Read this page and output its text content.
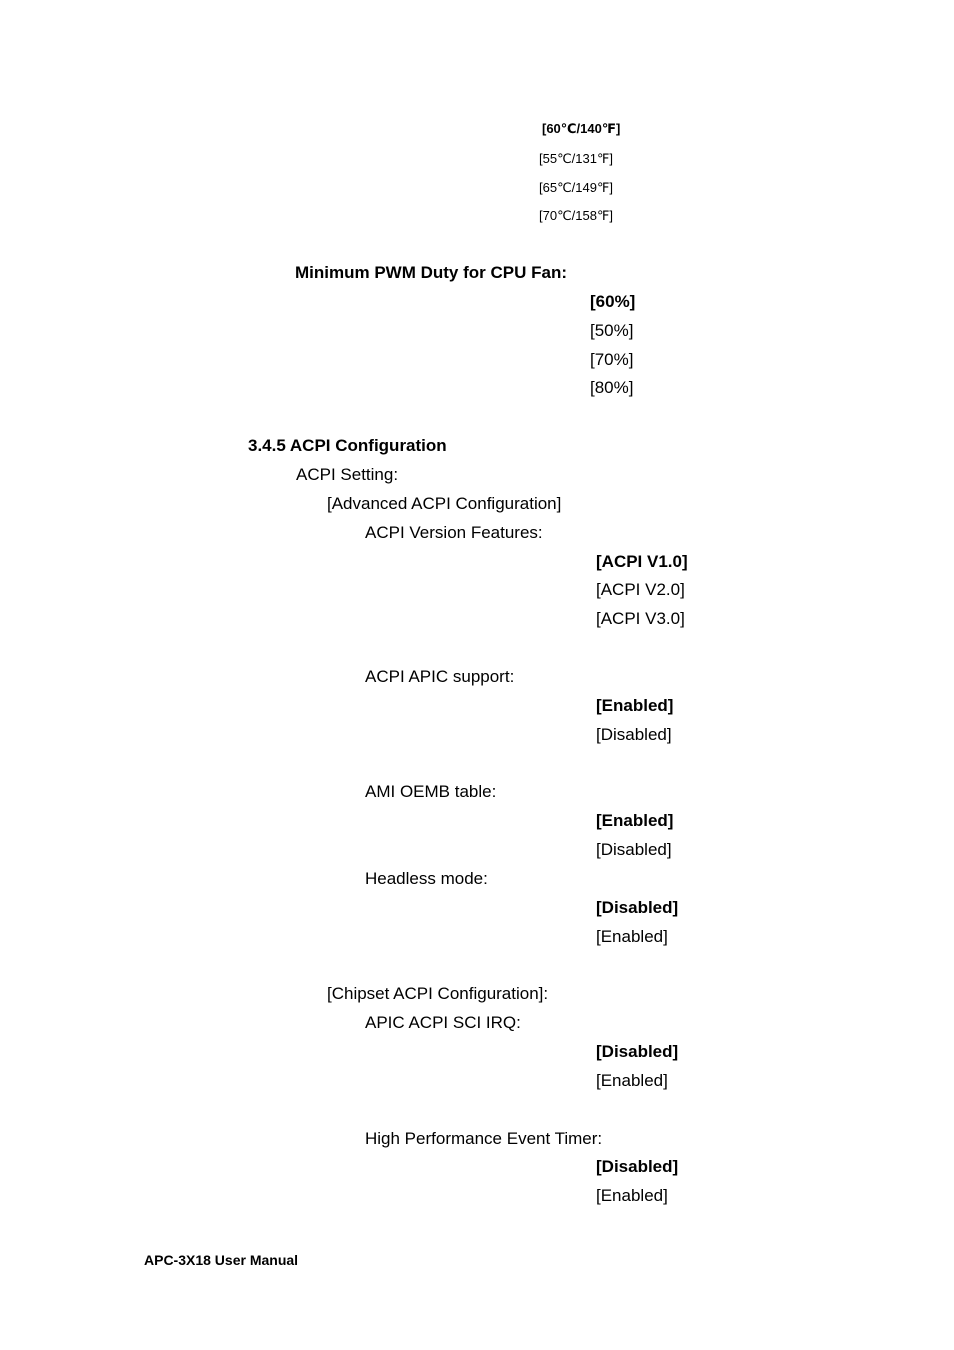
[60℃/140℉]
[55℃/131℉]
[65℃/149℉]
[70℃/158℉]
Minimum PWM Duty for CPU Fan:
[60%]
[50%]
[70%]
[80%]
3.4.5 ACPI Configuration
ACPI Setting:
[Advanced ACPI Configuration]
ACPI Version Features:
[ACPI V1.0]
[ACPI V2.0]
[ACPI V3.0]
ACPI APIC support:
[Enabled]
[Disabled]
AMI OEMB table:
[Enabled]
[Disabled]
Headless mode:
[Disabled]
[Enabled]
[Chipset ACPI Configuration]:
APIC ACPI SCI IRQ:
[Disabled]
[Enabled]
High Performance Event Timer:
[Disabled]
[Enabled]
APC-3X18 User Manual
